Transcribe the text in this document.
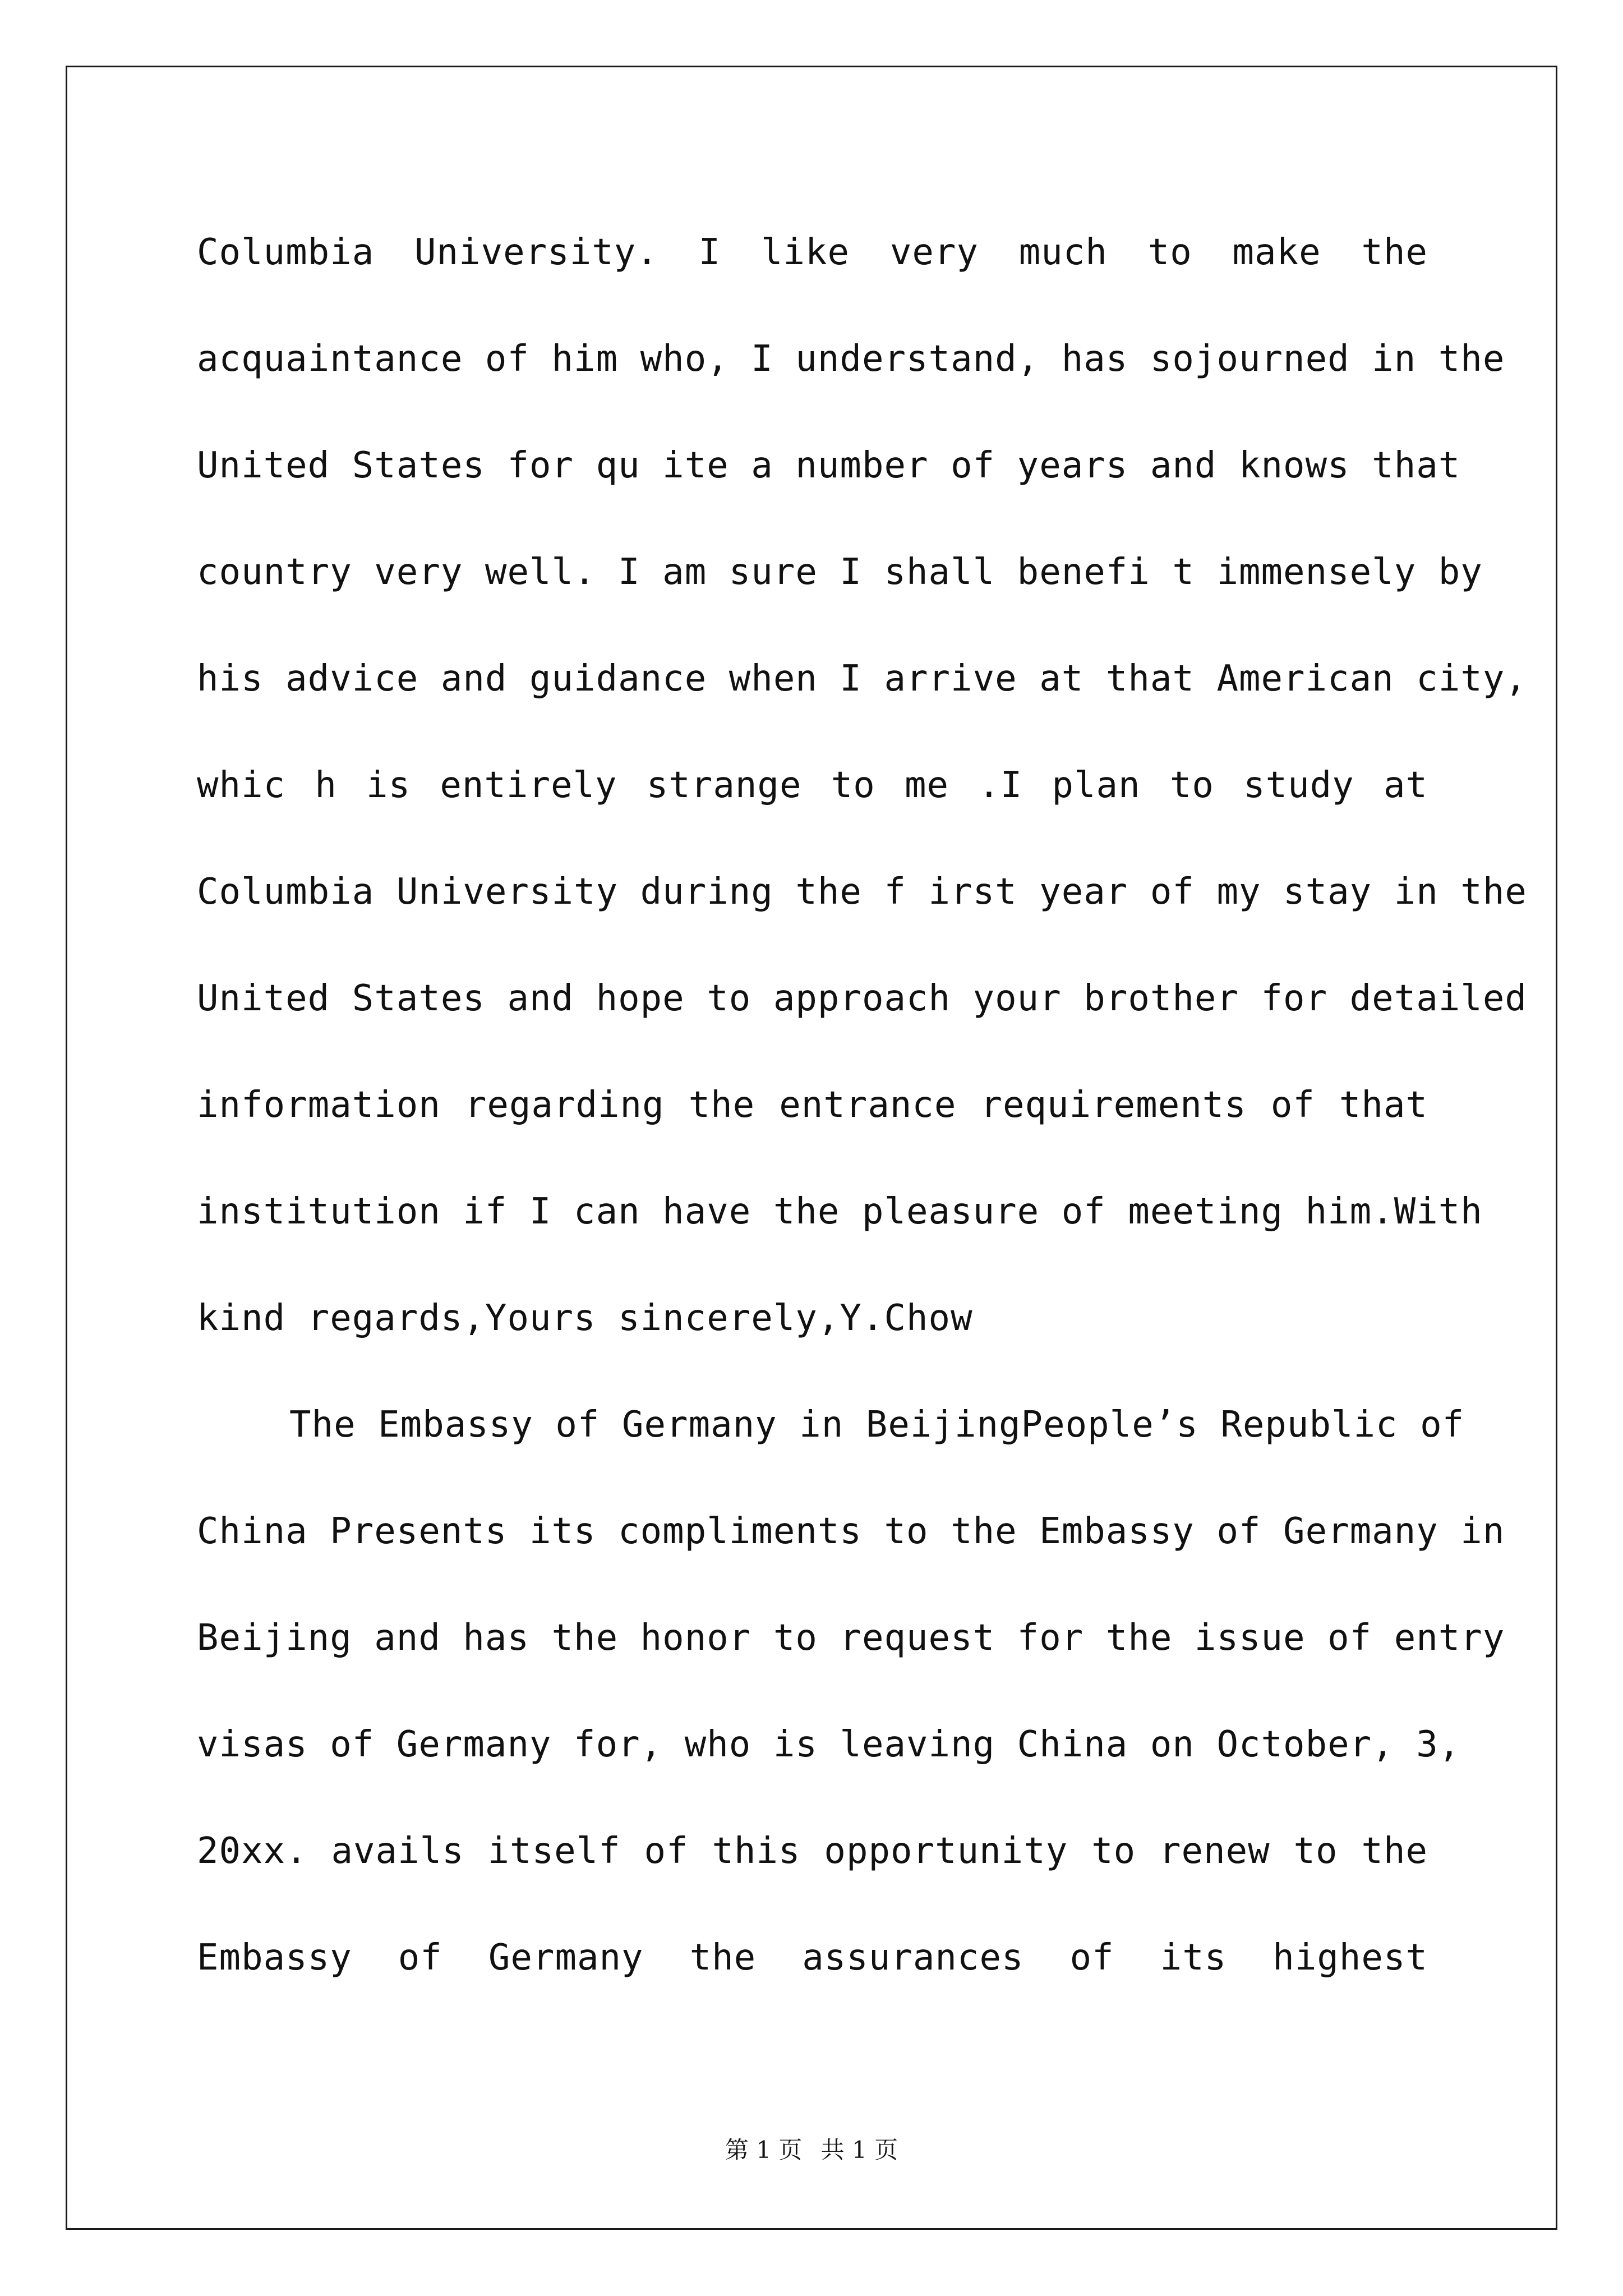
Columbia University. I like very much to make the
acquaintance of him who, I understand, has sojourned in the
United States for qu ite a number of years and knows that
country very well. I am sure I shall benefi t immensely by
his advice and guidance when I arrive at that American city,
whic h is entirely strange to me .I plan to study at
Columbia University during the f irst year of my stay in the
United States and hope to approach your brother for detailed
information regarding the entrance requirements of that
institution if I can have the pleasure of meeting him.With
kind regards,Yours sincerely,Y.Chow
The Embassy of Germany in BeijingPeople’s Republic of
China Presents its compliments to the Embassy of Germany in
Beijing and has the honor to request for the issue of entry
visas of Germany for, who is leaving China on October, 3,
20xx. avails itself of this opportunity to renew to the
Embassy of Germany the assurances of its highest
第 1 页 共 1 页
